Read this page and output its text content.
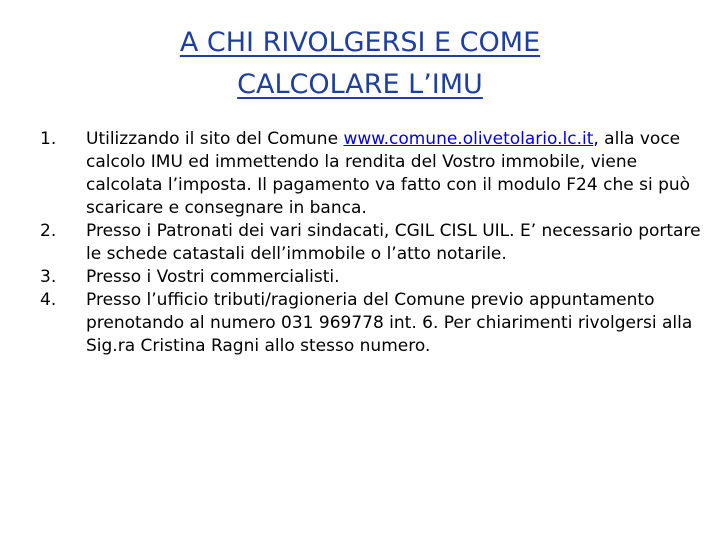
A CHI RIVOLGERSI E COME
CALCOLARE L’IMU
1. Utilizzando il sito del Comune www.comune.olivetolario.lc.it, alla voce calcolo IMU ed immettendo la rendita del Vostro immobile, viene calcolata l’imposta. Il pagamento va fatto con il modulo F24 che si può scaricare e consegnare in banca.
2. Presso i Patronati dei vari sindacati, CGIL CISL UIL. E’ necessario portare le schede catastali dell’immobile o l’atto notarile.
3. Presso i Vostri commercialisti.
4. Presso l’ufficio tributi/ragioneria del Comune previo appuntamento prenotando al numero 031 969778 int. 6. Per chiarimenti rivolgersi alla Sig.ra Cristina Ragni allo stesso numero.
